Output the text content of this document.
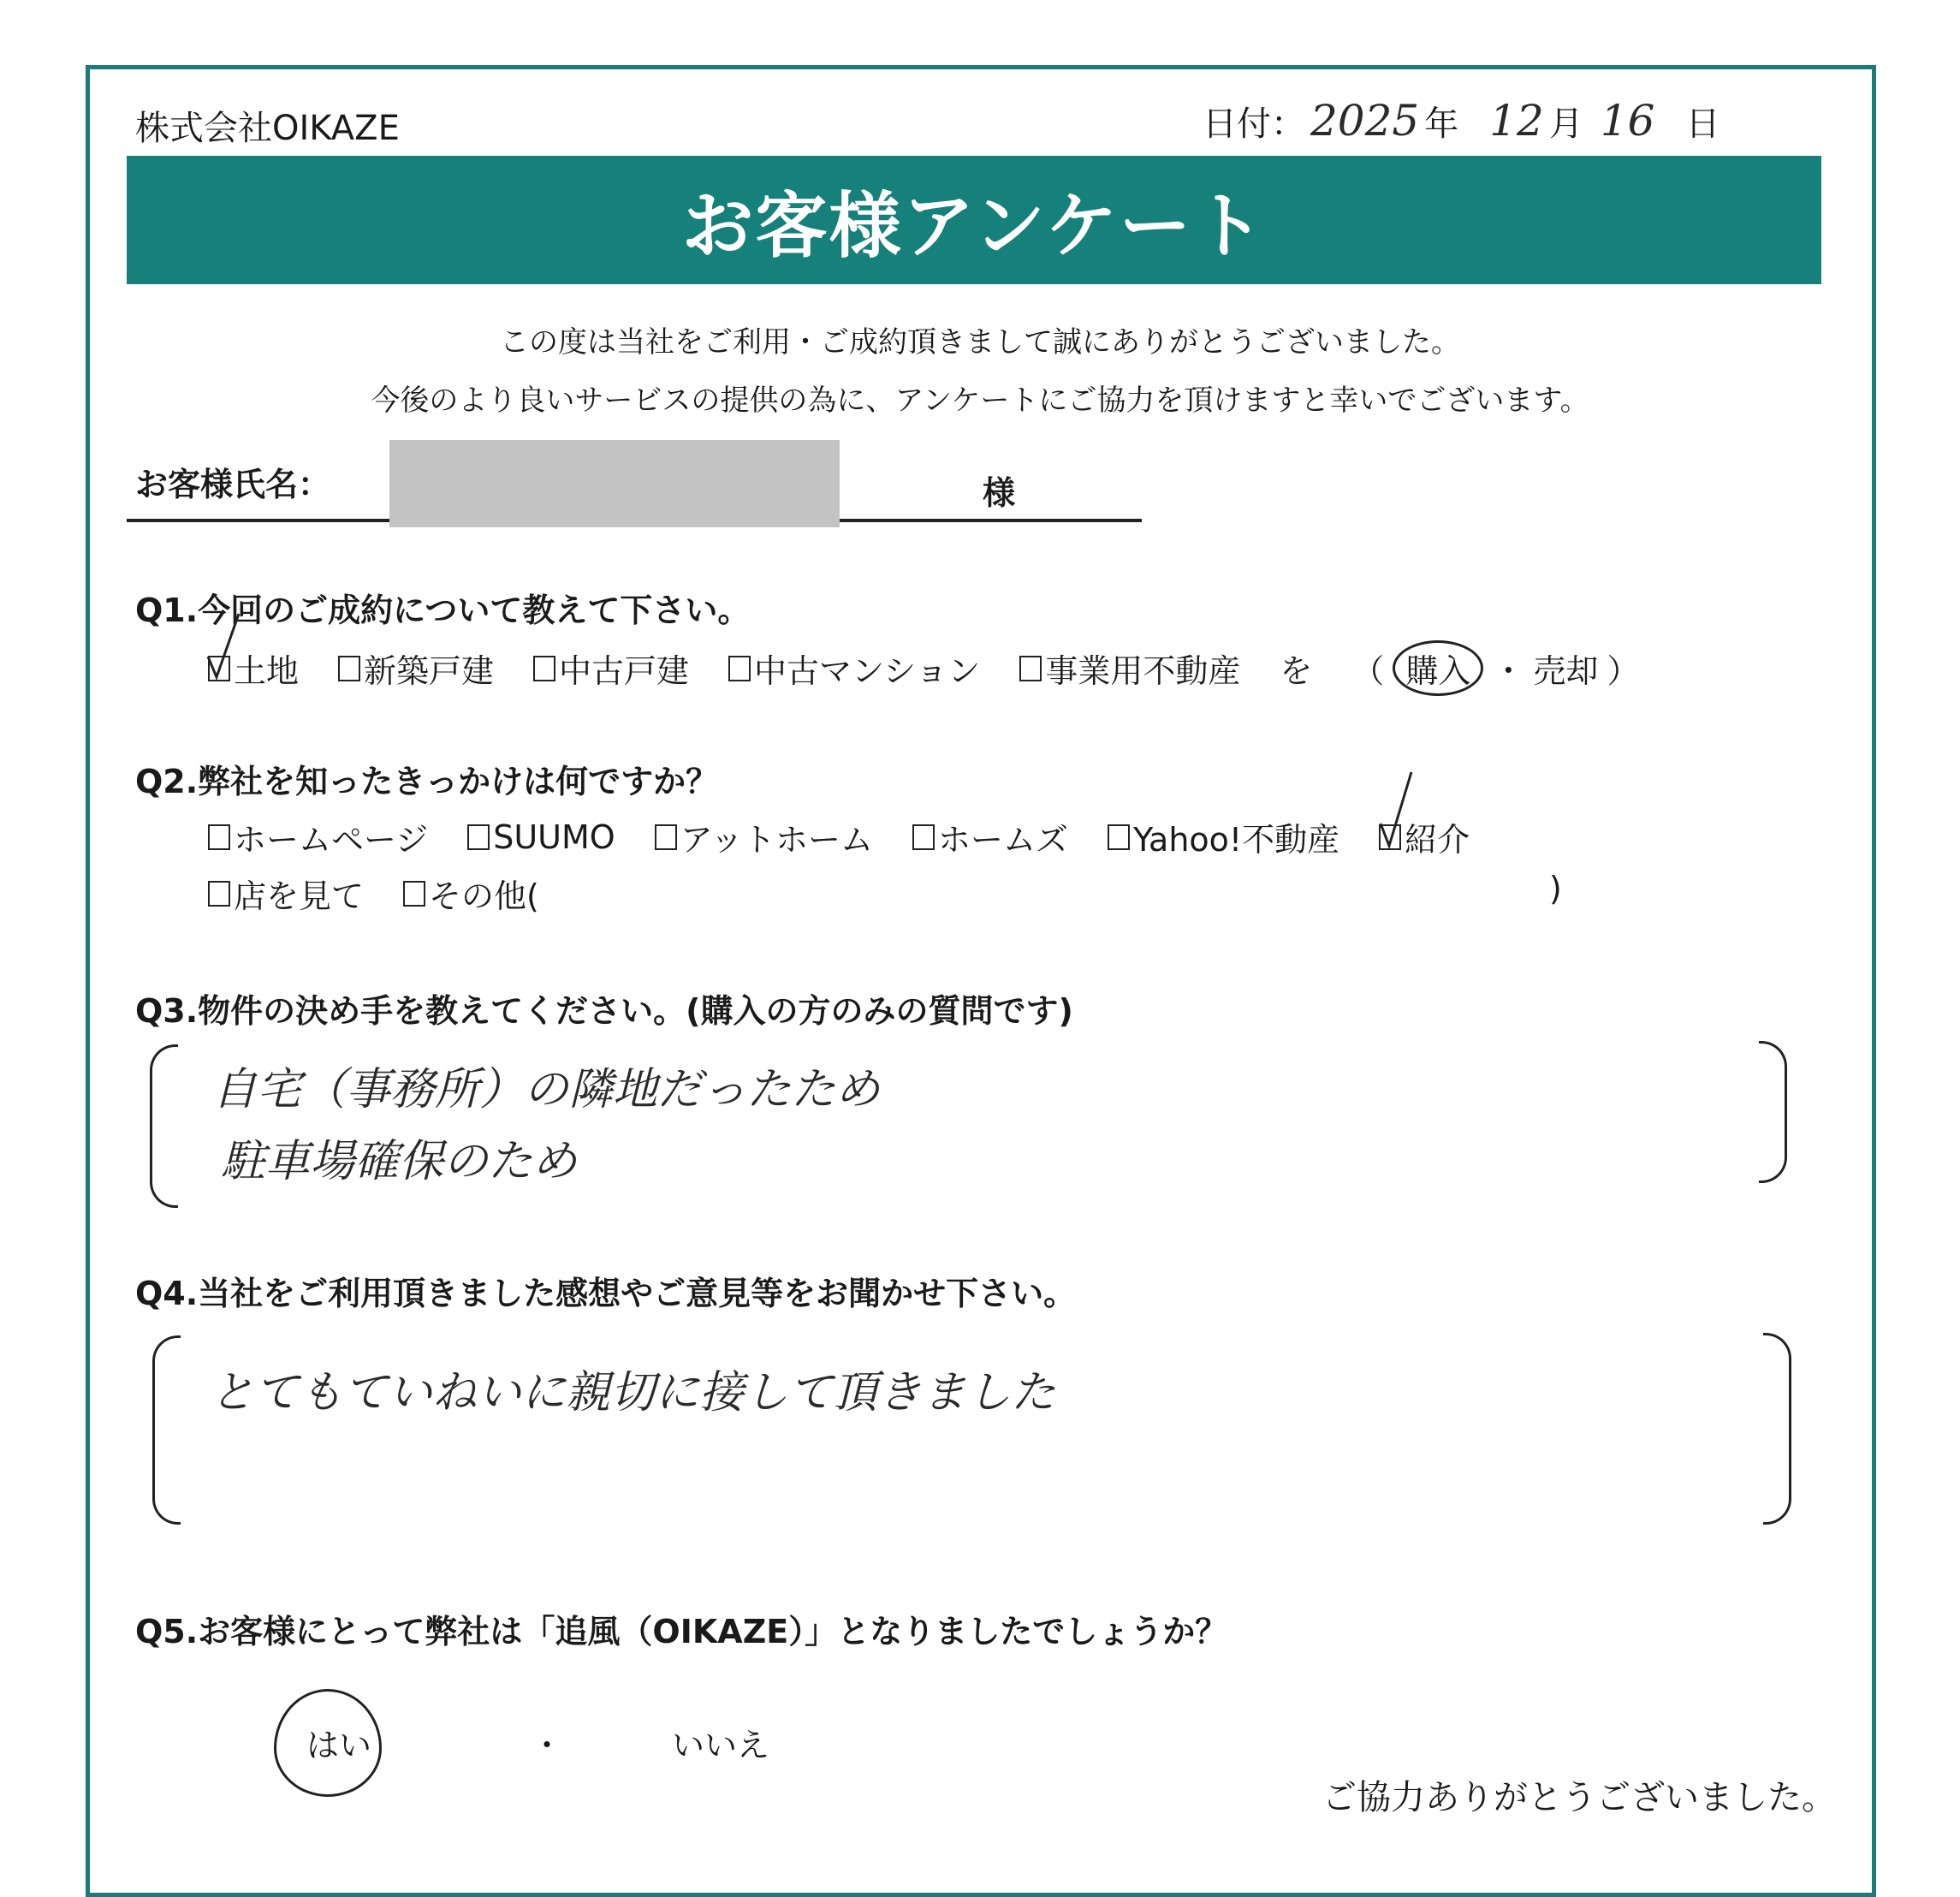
株式会社OIKAZE	日付： 2025 年 12 月 16 日
お客様アンケート
この度は当社をご利用・ご成約頂きまして誠にありがとうございました。
今後のより良いサービスの提供の為に、アンケートにご協力を頂けますと幸いでございます。
お客様氏名：	様
Q1.今回のご成約について教えて下さい。
土地 新築戸建 中古戸建 中古マンション 事業用不動産 を （ 購入 ・ 売却 ）
Q2.弊社を知ったきっかけは何ですか？
ホームページ SUUMO アットホーム ホームズ Yahoo!不動産 紹介
店を見て その他(	)
Q3.物件の決め手を教えてください。(購入の方のみの質問です)
自宅（事務所）の隣地だったため
駐車場確保のため
Q4.当社をご利用頂きました感想やご意見等をお聞かせ下さい。
とてもていねいに親切に接して頂きました
Q5.お客様にとって弊社は「追風（OIKAZE）」となりましたでしょうか？
はい	・	いいえ
ご協力ありがとうございました。
